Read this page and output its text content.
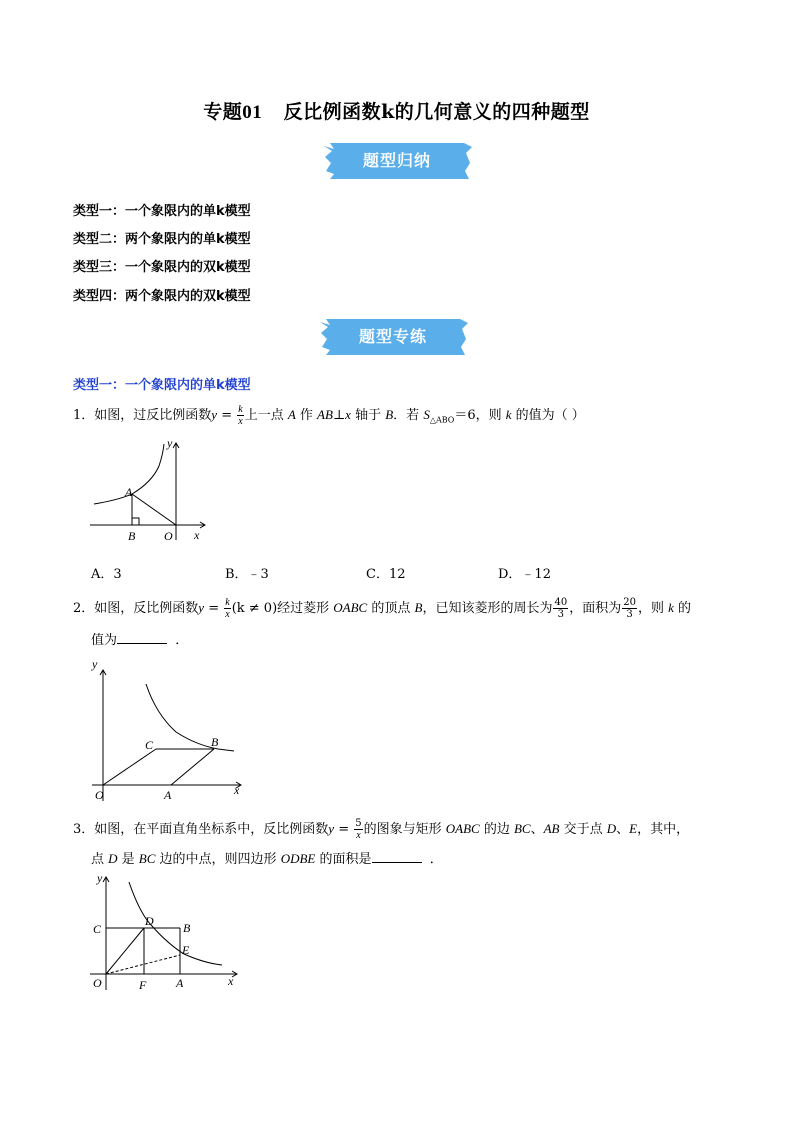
专题01 反比例函数k的几何意义的四种题型
题型归纳
类型一：一个象限内的单k模型
类型二：两个象限内的单k模型
类型三：一个象限内的双k模型
类型四：两个象限内的双k模型
题型专练
类型一：一个象限内的单k模型
1．如图，过反比例函数$y = \frac{k}{x}$ 上一点 A 作 AB⊥x 轴于 B．若 $S_{\triangle ABO}=6$，则 k 的值为（ ）
y
A
B O x
A．3	B．﹣3	C．12	D．﹣12
2．如图，反比例函数$y = \frac{k}{x} (k \ne 0)$经过菱形 OABC 的顶点 B，已知该菱形的周长为 $\frac{40}{3}$ ，面积为 $\frac{20}{3}$ ，则 k 的
值为	．
y
C	B
O	A	x
3．如图，在平面直角坐标系中，反比例函数$y = \frac{5}{x}$ 的图象与矩形 OABC 的边 BC、AB 交于点 D、E，其中，
点 D 是 BC 边的中点，则四边形 ODBE 的面积是	．
y
C
D B
E
O	F A	x
